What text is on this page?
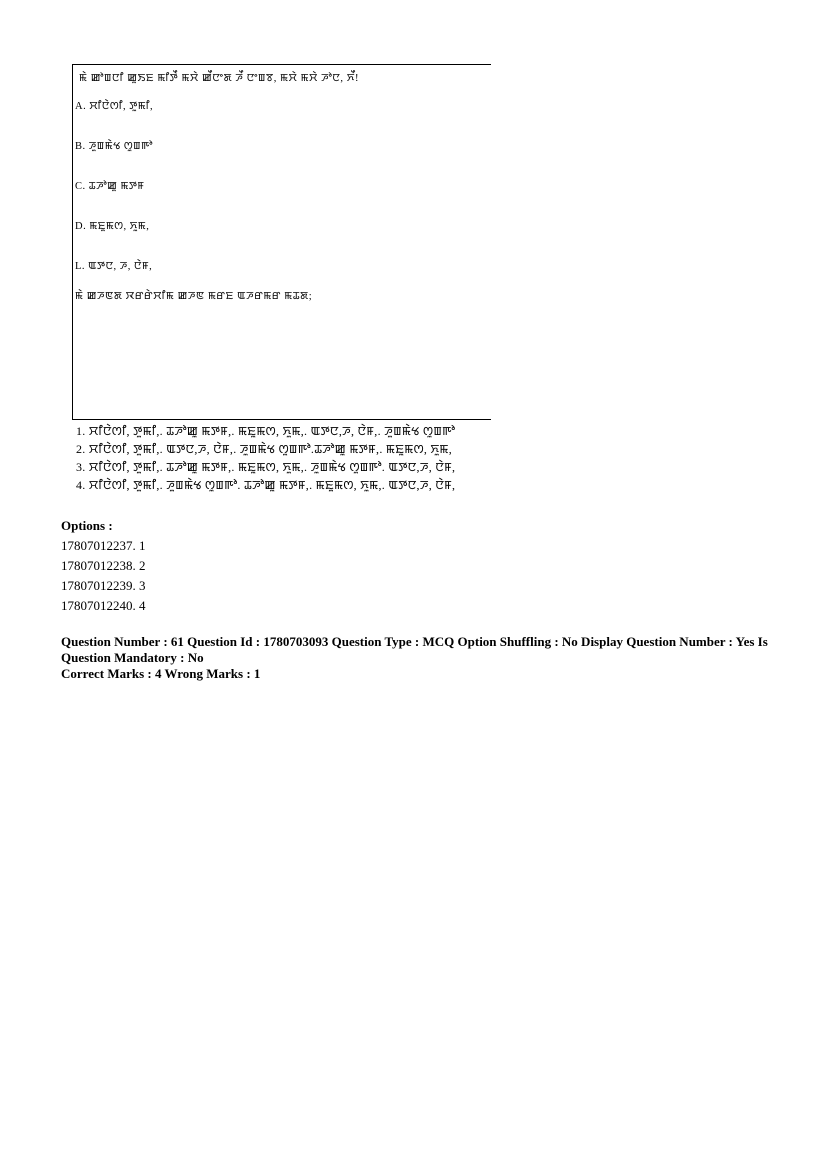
ꯃꯥ ꯀꯣꯡꯅꯤ ꯀꯨꯏꯐ ꯃꯤꯇꯩ ꯃꯆꯥ ꯀꯩꯅꯦꯗ ꯍꯩ ꯅꯦꯡꯕ, ꯃꯆꯥ ꯃꯆꯥ ꯍꯣꯅ, ꯈꯩ!
A. ꯆꯤꯅꯥꯁꯤ, ꯇꯨꯃꯤ,
B. ꯍꯨꯡꯃꯥꯠ ꯁꯨꯡꯒꯣ
C. ꯊꯍꯣꯀꯨ ꯃꯇꯝ
D. ꯃꯐꯨꯃꯁ, ꯈꯨꯃ,
L. ꯑꯇꯅ, ꯍ, ꯅꯥꯝ,
ꯃꯥ ꯀꯍꯟꯗ ꯋꯔꯔꯥꯆꯤꯃ ꯀꯍꯟ ꯃꯔꯐ ꯑꯍꯔꯃꯔ ꯃꯊꯗ;
1. ꯆꯤꯅꯥꯁꯤ, ꯇꯨꯃꯤ,. ꯊꯍꯣꯀꯨ ꯃꯇꯝ,. ꯃꯐꯨꯃꯁ, ꯈꯨꯃ,. ꯑꯇꯅ,ꯍ, ꯅꯥꯝ,. ꯍꯨꯡꯃꯥꯠ ꯁꯨꯡꯒꯣ
2. ꯆꯤꯅꯥꯁꯤ, ꯇꯨꯃꯤ,. ꯑꯇꯅ,ꯍ, ꯅꯥꯝ,. ꯍꯨꯡꯃꯥꯠ ꯁꯨꯡꯒꯣ.ꯊꯍꯣꯀꯨ ꯃꯇꯝ,. ꯃꯐꯨꯃꯁ, ꯈꯨꯃ,
3. ꯆꯤꯅꯥꯁꯤ, ꯇꯨꯃꯤ,. ꯊꯍꯣꯀꯨ ꯃꯇꯝ,. ꯃꯐꯨꯃꯁ, ꯈꯨꯃ,. ꯍꯨꯡꯃꯥꯠ ꯁꯨꯡꯒꯣ. ꯑꯇꯅ,ꯍ, ꯅꯥꯝ,
4. ꯆꯤꯅꯥꯁꯤ, ꯇꯨꯃꯤ,. ꯍꯨꯡꯃꯥꯠ ꯁꯨꯡꯒꯣ. ꯊꯍꯣꯀꯨ ꯃꯇꯝ,. ꯃꯐꯨꯃꯁ, ꯈꯨꯃ,. ꯑꯇꯅ,ꯍ, ꯅꯥꯝ,
Options :
17807012237. 1
17807012238. 2
17807012239. 3
17807012240. 4
Question Number : 61 Question Id : 1780703093 Question Type : MCQ Option Shuffling : No Display Question Number : Yes Is Question Mandatory : No
Correct Marks : 4 Wrong Marks : 1
